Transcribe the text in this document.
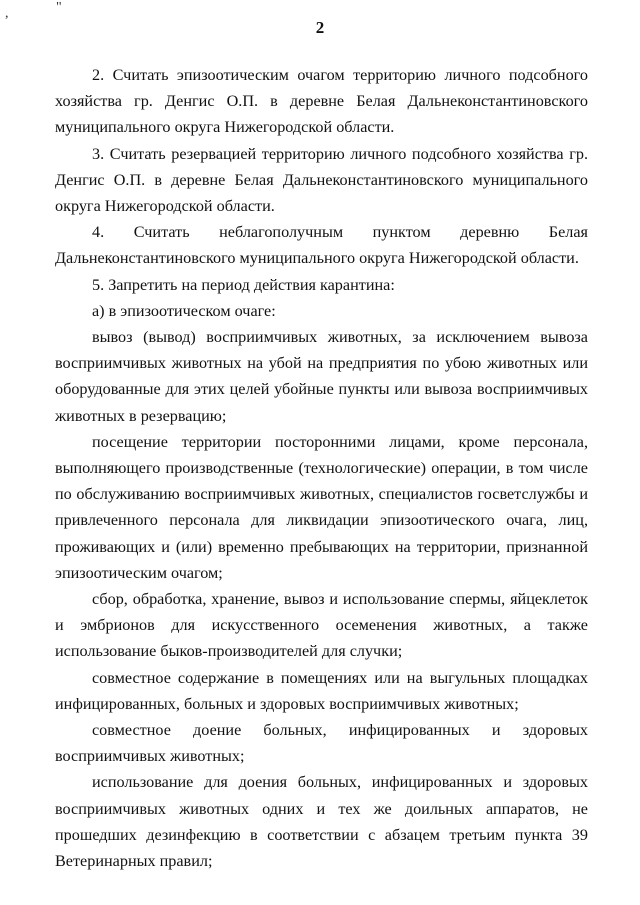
,	"
2

2. Считать эпизоотическим очагом территорию личного подсобного хозяйства гр. Денгис О.П. в деревне Белая Дальнеконстантиновского муниципального округа Нижегородской области.

3. Считать резервацией территорию личного подсобного хозяйства гр. Денгис О.П. в деревне Белая Дальнеконстантиновского муниципального округа Нижегородской области.

4. Считать неблагополучным пунктом деревню Белая Дальнеконстантиновского муниципального округа Нижегородской области.

5. Запретить на период действия карантина:

а) в эпизоотическом очаге:

вывоз (вывод) восприимчивых животных, за исключением вывоза восприимчивых животных на убой на предприятия по убою животных или оборудованные для этих целей убойные пункты или вывоза восприимчивых животных в резервацию;

посещение территории посторонними лицами, кроме персонала, выполняющего производственные (технологические) операции, в том числе по обслуживанию восприимчивых животных, специалистов госветслужбы и привлеченного персонала для ликвидации эпизоотического очага, лиц, проживающих и (или) временно пребывающих на территории, признанной эпизоотическим очагом;

сбор, обработка, хранение, вывоз и использование спермы, яйцеклеток и эмбрионов для искусственного осеменения животных, а также использование быков-производителей для случки;

совместное содержание в помещениях или на выгульных площадках инфицированных, больных и здоровых восприимчивых животных;

совместное доение больных, инфицированных и здоровых восприимчивых животных;

использование для доения больных, инфицированных и здоровых восприимчивых животных одних и тех же доильных аппаратов, не прошедших дезинфекцию в соответствии с абзацем третьим пункта 39 Ветеринарных правил;
